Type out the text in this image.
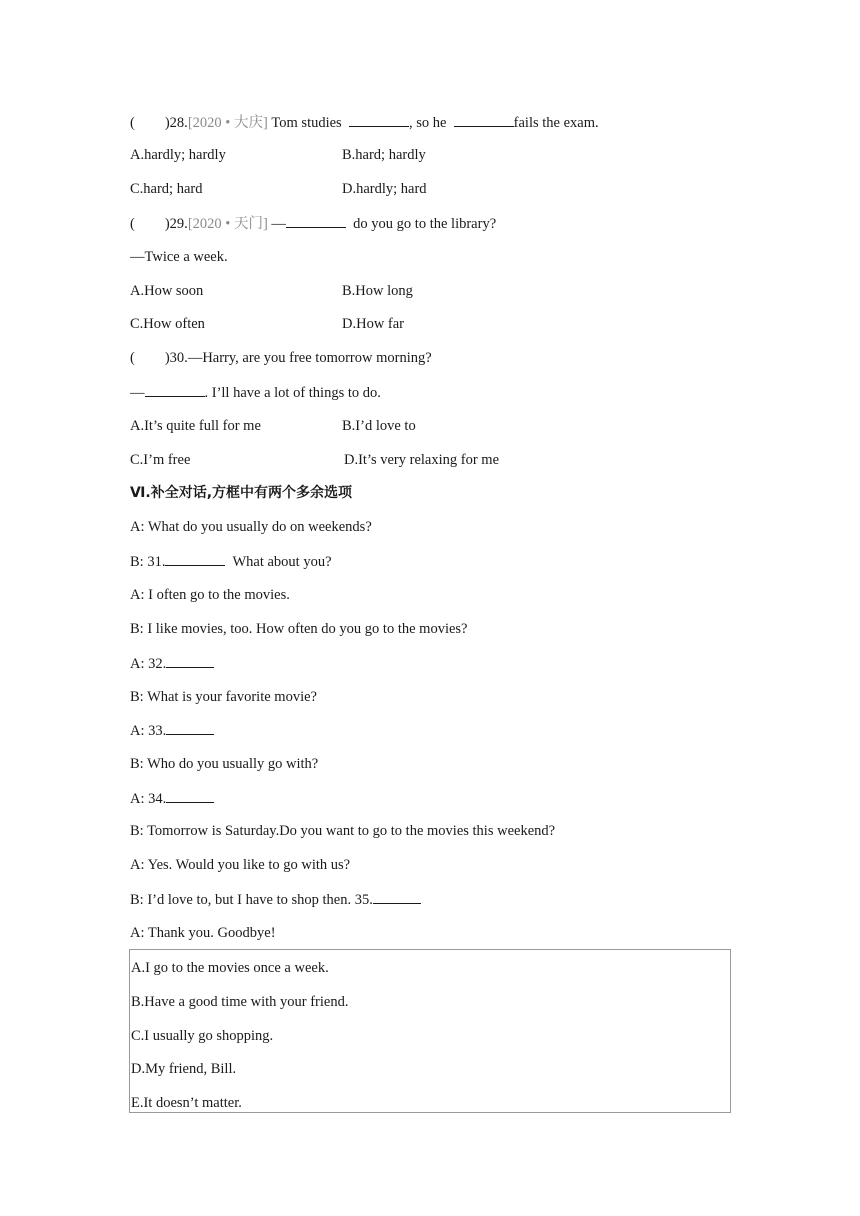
( )28.[2020 • 大庆] Tom studies	, so he	fails the exam.
A.hardly; hardly	B.hard; hardly
C.hard; hard	D.hardly; hard
( )29.[2020 • 天门] —	do you go to the library?
—Twice a week.
A.How soon	B.How long
C.How often	D.How far
( )30.—Harry, are you free tomorrow morning?
—	. I’ll have a lot of things to do.
A.It’s quite full for me	B.I’d love to
C.I’m free	D.It’s very relaxing for me
Ⅵ.补全对话,方框中有两个多余选项
A: What do you usually do on weekends?
B: 31.	What about you?
A: I often go to the movies.
B: I like movies, too. How often do you go to the movies?
A: 32.
B: What is your favorite movie?
A: 33.
B: Who do you usually go with?
A: 34.
B: Tomorrow is Saturday.Do you want to go to the movies this weekend?
A: Yes. Would you like to go with us?
B: I’d love to, but I have to shop then. 35.
A: Thank you. Goodbye!
A.I go to the movies once a week.
B.Have a good time with your friend.
C.I usually go shopping.
D.My friend, Bill.
E.It doesn’t matter.
